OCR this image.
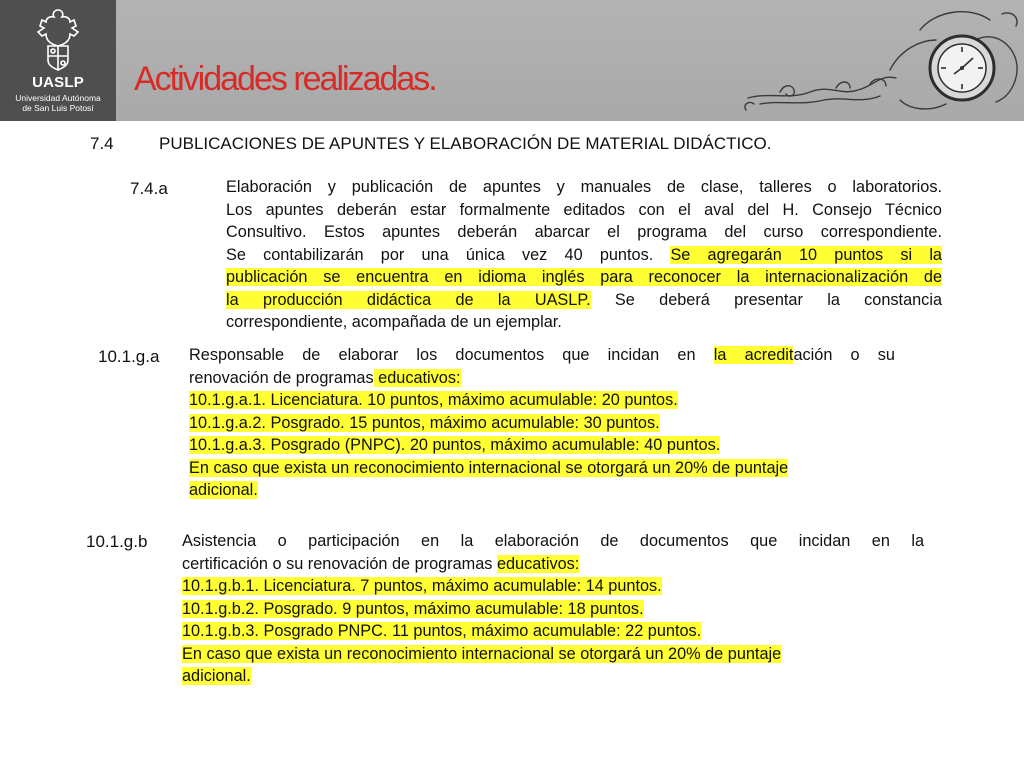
UASLP
Universidad Autónoma
de San Luis Potosí
Actividades realizadas.
7.4	PUBLICACIONES DE APUNTES Y ELABORACIÓN DE MATERIAL DIDÁCTICO.
7.4.a	Elaboración y publicación de apuntes y manuales de clase, talleres o laboratorios.
Los apuntes deberán estar formalmente editados con el aval del H. Consejo Técnico
Consultivo. Estos apuntes deberán abarcar el programa del curso correspondiente.
Se contabilizarán por una única vez 40 puntos. Se agregarán 10 puntos si la
publicación se encuentra en idioma inglés para reconocer la internacionalización de
la producción didáctica de la UASLP. Se deberá presentar la constancia
correspondiente, acompañada de un ejemplar.
10.1.g.a Responsable de elaborar los documentos que incidan en la acreditación o su
renovación de programas educativos:
10.1.g.a.1. Licenciatura. 10 puntos, máximo acumulable: 20 puntos.
10.1.g.a.2. Posgrado. 15 puntos, máximo acumulable: 30 puntos.
10.1.g.a.3. Posgrado (PNPC). 20 puntos, máximo acumulable: 40 puntos.
En caso que exista un reconocimiento internacional se otorgará un 20% de puntaje
adicional.
10.1.g.b Asistencia o participación en la elaboración de documentos que incidan en la
certificación o su renovación de programas educativos:
10.1.g.b.1. Licenciatura. 7 puntos, máximo acumulable: 14 puntos.
10.1.g.b.2. Posgrado. 9 puntos, máximo acumulable: 18 puntos.
10.1.g.b.3. Posgrado PNPC. 11 puntos, máximo acumulable: 22 puntos.
En caso que exista un reconocimiento internacional se otorgará un 20% de puntaje
adicional.
